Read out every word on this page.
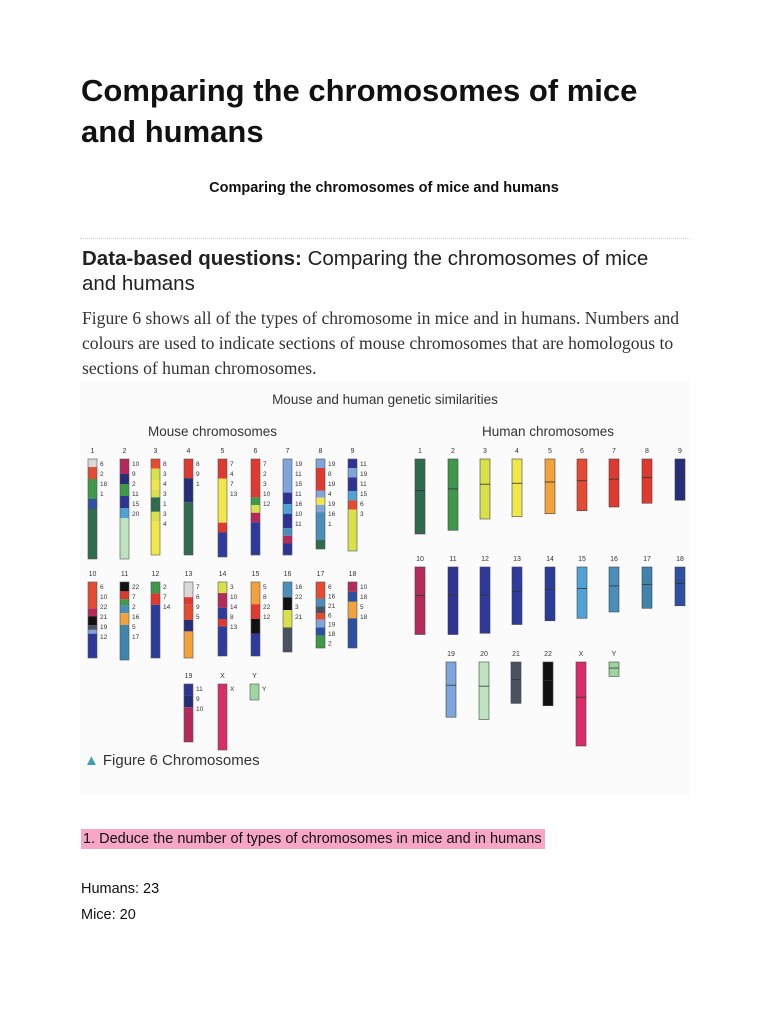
Comparing the chromosomes of mice and humans
Comparing the chromosomes of mice and humans
Data-based questions: Comparing the chromosomes of mice and humans
Figure 6 shows all of the types of chromosome in mice and in humans. Numbers and colours are used to indicate sections of mouse chromosomes that are homologous to sections of human chromosomes.
Mouse and human genetic similarities
Mouse chromosomes	Human chromosomes
1
6
2
18
1
2
10
9
2
11
15
20
3
8
3
4
3
1
3
4
4
8
9
1
5
7
4
7
13
6
7
2
3
10
12
7
19
11
15
11
16
10
11
8
19
8
19
4
19
16
1
9
11
19
11
15
6
3
10
6
10
22
21
19
12
11
22
7
2
16
5
17
12
2
7
14
13
7
6
9
5
14
3
10
14
8
13
15
5
8
22
12
16
16
22
3
21
17
6
16
21
6
19
18
2
18
10
18
5
18
19
11
9
10
X
X
Y
Y
1	2	3	4	5	6	7	8	9
10	11	12	13	14	15	16	17	18
19	20	21	22	X	Y
▲ Figure 6 Chromosomes
1. Deduce the number of types of chromosomes in mice and in humans
Humans: 23
Mice: 20
